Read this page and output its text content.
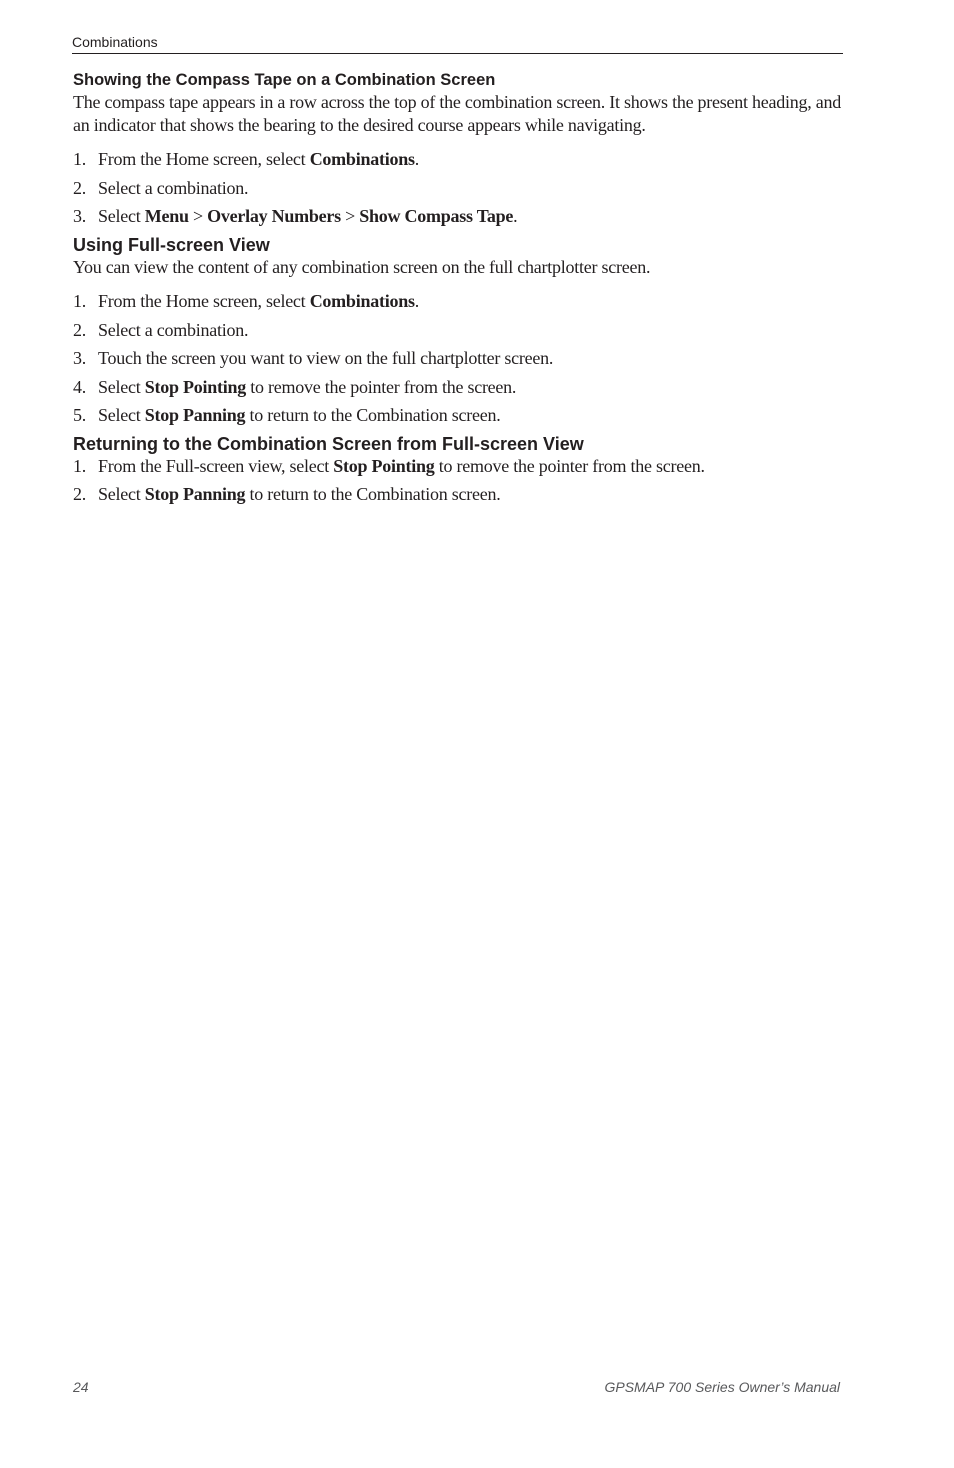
Combinations
Showing the Compass Tape on a Combination Screen

The compass tape appears in a row across the top of the combination screen. It shows the present heading, and an indicator that shows the bearing to the desired course appears while navigating.

1. From the Home screen, select Combinations.
2. Select a combination.
3. Select Menu > Overlay Numbers > Show Compass Tape.
Using Full-screen View

You can view the content of any combination screen on the full chartplotter screen.

1. From the Home screen, select Combinations.
2. Select a combination.
3. Touch the screen you want to view on the full chartplotter screen.
4. Select Stop Pointing to remove the pointer from the screen.
5. Select Stop Panning to return to the Combination screen.
Returning to the Combination Screen from Full-screen View
1. From the Full-screen view, select Stop Pointing to remove the pointer from the screen.
2. Select Stop Panning to return to the Combination screen.
24	GPSMAP 700 Series Owner’s Manual
